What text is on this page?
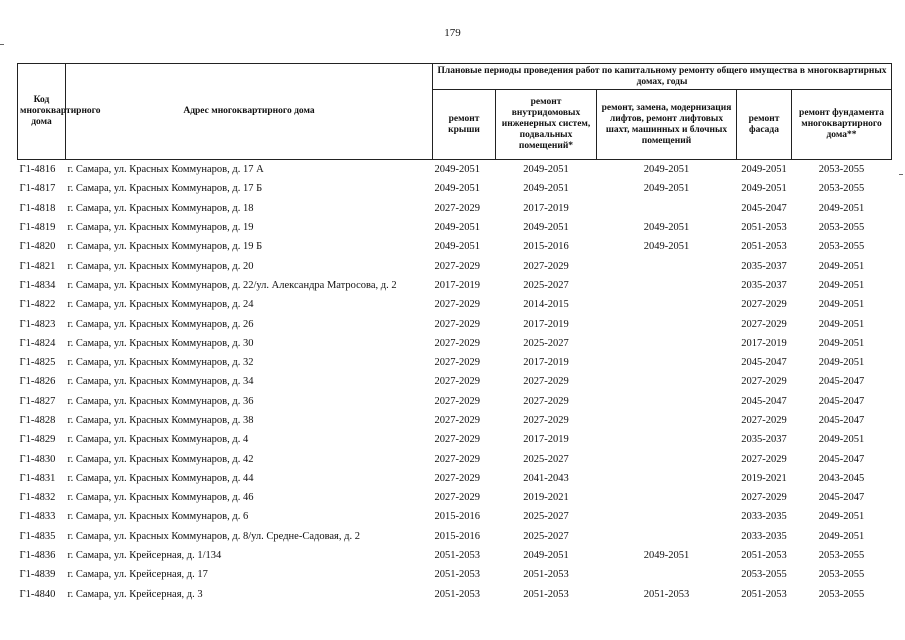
179
Код многоквартирного дома	Адрес многоквартирного дома	Плановые периоды проведения работ по капитальному ремонту общего имущества в многоквартирных домах, годы				
		ремонт крыши	ремонт внутридомовых инженерных систем, подвальных помещений*	ремонт, замена, модернизация лифтов, ремонт лифтовых шахт, машинных и блочных помещений	ремонт фасада	ремонт фундамента многоквартирного дома**
Г1-4816	г. Самара, ул. Красных Коммунаров, д. 17 А	2049-2051	2049-2051	2049-2051	2049-2051	2053-2055
Г1-4817	г. Самара, ул. Красных Коммунаров, д. 17 Б	2049-2051	2049-2051	2049-2051	2049-2051	2053-2055
Г1-4818	г. Самара, ул. Красных Коммунаров, д. 18	2027-2029	2017-2019		2045-2047	2049-2051
Г1-4819	г. Самара, ул. Красных Коммунаров, д. 19	2049-2051	2049-2051	2049-2051	2051-2053	2053-2055
Г1-4820	г. Самара, ул. Красных Коммунаров, д. 19 Б	2049-2051	2015-2016	2049-2051	2051-2053	2053-2055
Г1-4821	г. Самара, ул. Красных Коммунаров, д. 20	2027-2029	2027-2029		2035-2037	2049-2051
Г1-4834	г. Самара, ул. Красных Коммунаров, д. 22/ул. Александра Матросова, д. 2	2017-2019	2025-2027		2035-2037	2049-2051
Г1-4822	г. Самара, ул. Красных Коммунаров, д. 24	2027-2029	2014-2015		2027-2029	2049-2051
Г1-4823	г. Самара, ул. Красных Коммунаров, д. 26	2027-2029	2017-2019		2027-2029	2049-2051
Г1-4824	г. Самара, ул. Красных Коммунаров, д. 30	2027-2029	2025-2027		2017-2019	2049-2051
Г1-4825	г. Самара, ул. Красных Коммунаров, д. 32	2027-2029	2017-2019		2045-2047	2049-2051
Г1-4826	г. Самара, ул. Красных Коммунаров, д. 34	2027-2029	2027-2029		2027-2029	2045-2047
Г1-4827	г. Самара, ул. Красных Коммунаров, д. 36	2027-2029	2027-2029		2045-2047	2045-2047
Г1-4828	г. Самара, ул. Красных Коммунаров, д. 38	2027-2029	2027-2029		2027-2029	2045-2047
Г1-4829	г. Самара, ул. Красных Коммунаров, д. 4	2027-2029	2017-2019		2035-2037	2049-2051
Г1-4830	г. Самара, ул. Красных Коммунаров, д. 42	2027-2029	2025-2027		2027-2029	2045-2047
Г1-4831	г. Самара, ул. Красных Коммунаров, д. 44	2027-2029	2041-2043		2019-2021	2043-2045
Г1-4832	г. Самара, ул. Красных Коммунаров, д. 46	2027-2029	2019-2021		2027-2029	2045-2047
Г1-4833	г. Самара, ул. Красных Коммунаров, д. 6	2015-2016	2025-2027		2033-2035	2049-2051
Г1-4835	г. Самара, ул. Красных Коммунаров, д. 8/ул. Средне-Садовая, д. 2	2015-2016	2025-2027		2033-2035	2049-2051
Г1-4836	г. Самара, ул. Крейсерная, д. 1/134	2051-2053	2049-2051	2049-2051	2051-2053	2053-2055
Г1-4839	г. Самара, ул. Крейсерная, д. 17	2051-2053	2051-2053		2053-2055	2053-2055
Г1-4840	г. Самара, ул. Крейсерная, д. 3	2051-2053	2051-2053	2051-2053	2051-2053	2053-2055
